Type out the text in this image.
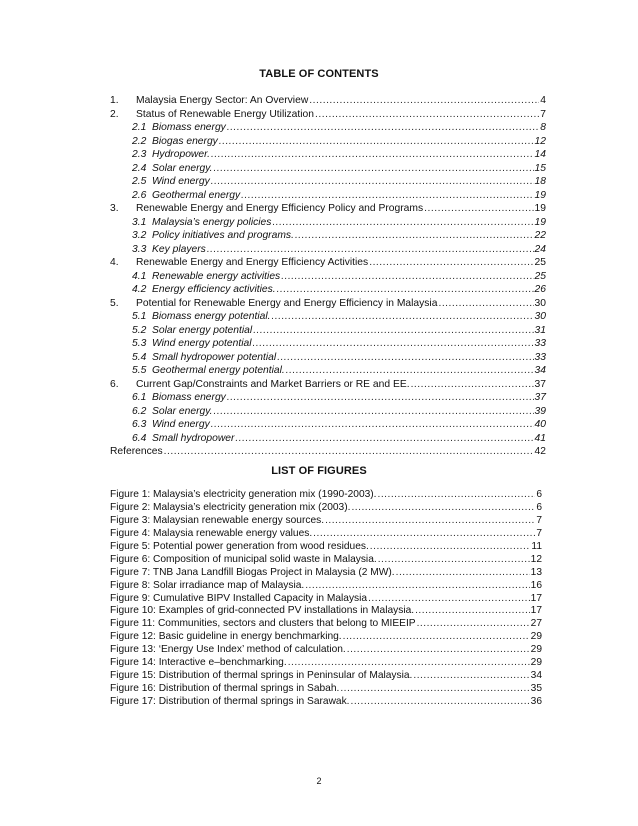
TABLE OF CONTENTS
1.	Malaysia Energy Sector: An Overview .....	4
2.	Status of Renewable Energy Utilization .....	7
2.1 Biomass energy .....	8
2.2 Biogas energy .....	12
2.3 Hydropower. .....	14
2.4 Solar energy. .....	15
2.5 Wind energy .....	18
2.6 Geothermal energy .....	19
3.	Renewable Energy and Energy Efficiency Policy and Programs .....	19
3.1 Malaysia’s energy policies .....	19
3.2 Policy initiatives and programs. .....	22
3.3 Key players .....	24
4.	Renewable Energy and Energy Efficiency Activities .....	25
4.1 Renewable energy activities .....	25
4.2 Energy efficiency activities. .....	26
5.	Potential for Renewable Energy and Energy Efficiency in Malaysia .....	30
5.1 Biomass energy potential. .....	30
5.2 Solar energy potential .....	31
5.3 Wind energy potential .....	33
5.4 Small hydropower potential .....	33
5.5 Geothermal energy potential. .....	34
6.	Current Gap/Constraints and Market Barriers or RE and EE. .....	37
6.1 Biomass energy .....	37
6.2 Solar energy. .....	39
6.3 Wind energy .....	40
6.4 Small hydropower .....	41
References .....	42
LIST OF FIGURES
Figure 1: Malaysia’s electricity generation mix (1990-2003). .....	6
Figure 2: Malaysia’s electricity generation mix (2003). .....	6
Figure 3: Malaysian renewable energy sources. .....	7
Figure 4: Malaysia renewable energy values. .....	7
Figure 5: Potential power generation from wood residues. .....	11
Figure 6: Composition of municipal solid waste in Malaysia. .....	12
Figure 7: TNB Jana Landfill Biogas Project in Malaysia (2 MW). .....	13
Figure 8: Solar irradiance map of Malaysia. .....	16
Figure 9: Cumulative BIPV Installed Capacity in Malaysia .....	17
Figure 10: Examples of grid-connected PV installations in Malaysia. .....	17
Figure 11: Communities, sectors and clusters that belong to MIEEIP .....	27
Figure 12: Basic guideline in energy benchmarking. .....	29
Figure 13: ‘Energy Use Index’ method of calculation. .....	29
Figure 14: Interactive e–benchmarking. .....	29
Figure 15: Distribution of thermal springs in Peninsular of Malaysia. .....	34
Figure 16: Distribution of thermal springs in Sabah. .....	35
Figure 17: Distribution of thermal springs in Sarawak. .....	36
2
